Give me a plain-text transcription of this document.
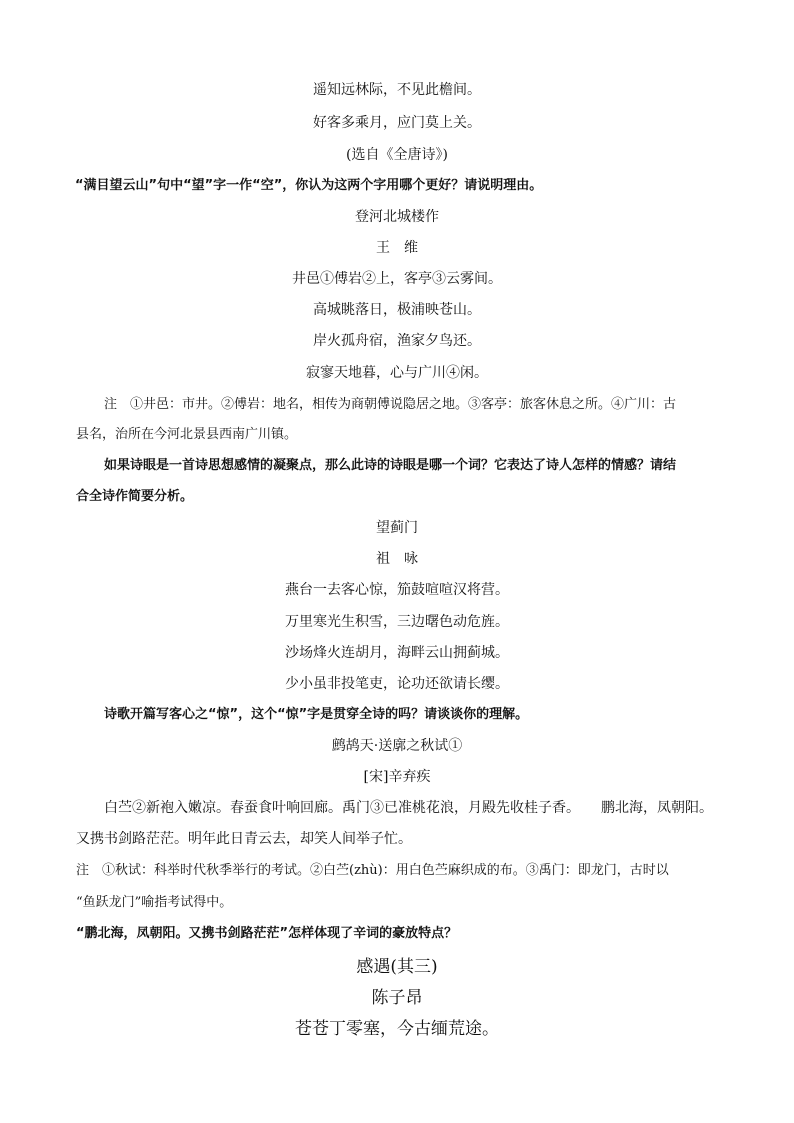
遥知远林际，不见此檐间。
好客多乘月，应门莫上关。
(选自《全唐诗》)
“满目望云山”句中“望”字一作“空”，你认为这两个字用哪个更好？请说明理由。
登河北城楼作
王　维
井邑①傅岩②上，客亭③云雾间。
高城眺落日，极浦映苍山。
岸火孤舟宿，渔家夕鸟还。
寂寥天地暮，心与广川④闲。
注　①井邑：市井。②傅岩：地名，相传为商朝傅说隐居之地。③客亭：旅客休息之所。④广川：古
县名，治所在今河北景县西南广川镇。
如果诗眼是一首诗思想感情的凝聚点，那么此诗的诗眼是哪一个词？它表达了诗人怎样的情感？请结
合全诗作简要分析。
望蓟门
祖　咏
燕台一去客心惊，笳鼓喧喧汉将营。
万里寒光生积雪，三边曙色动危旌。
沙场烽火连胡月，海畔云山拥蓟城。
少小虽非投笔吏，论功还欲请长缨。
诗歌开篇写客心之“惊”，这个“惊”字是贯穿全诗的吗？请谈谈你的理解。
鹧鸪天·送廓之秋试①
[宋]辛弃疾
白苎②新袍入嫩凉。春蚕食叶响回廊。禹门③已准桃花浪，月殿先收桂子香。　　鹏北海，凤朝阳。
又携书剑路茫茫。明年此日青云去，却笑人间举子忙。
注　①秋试：科举时代秋季举行的考试。②白苎(zhù)：用白色苎麻织成的布。③禹门：即龙门，古时以
“鱼跃龙门”喻指考试得中。
“鹏北海，凤朝阳。又携书剑路茫茫”怎样体现了辛词的豪放特点？
感遇(其三)
陈子昂
苍苍丁零塞，今古缅荒途。
